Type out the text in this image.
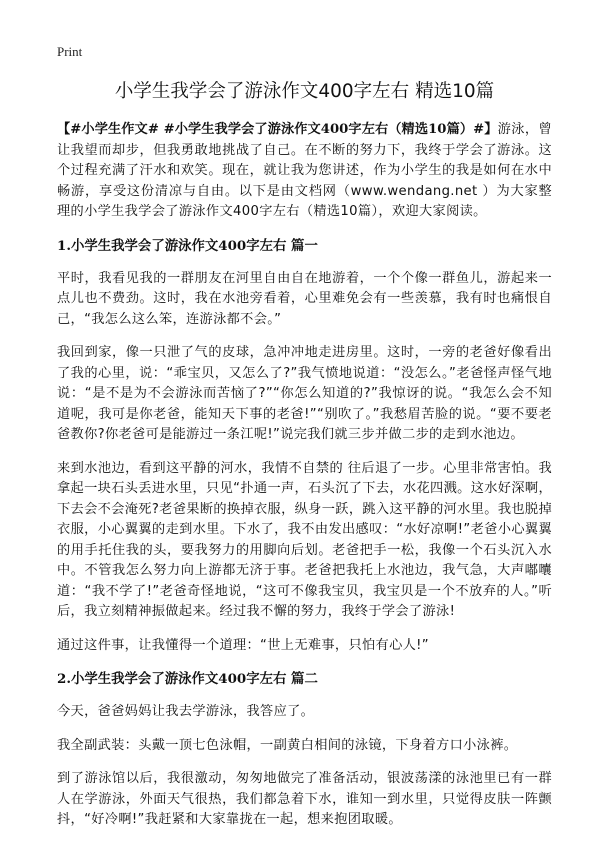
Print
小学生我学会了游泳作文400字左右 精选10篇

【#小学生作文# #小学生我学会了游泳作文400字左右（精选10篇）#】游泳，曾让我望而却步，但我勇敢地挑战了自己。在不断的努力下，我终于学会了游泳。这个过程充满了汗水和欢笑。现在，就让我为您讲述，作为小学生的我是如何在水中畅游，享受这份清凉与自由。以下是由文档网（www.wendang.net ）为大家整理的小学生我学会了游泳作文400字左右（精选10篇），欢迎大家阅读。

1.小学生我学会了游泳作文400字左右 篇一

平时，我看见我的一群朋友在河里自由自在地游着，一个个像一群鱼儿，游起来一点儿也不费劲。这时，我在水池旁看着，心里难免会有一些羡慕，我有时也痛恨自己，“我怎么这么笨，连游泳都不会。”

我回到家，像一只泄了气的皮球，急冲冲地走进房里。这时，一旁的老爸好像看出了我的心里，说：“乖宝贝，又怎么了?”我气愤地说道：“没怎么。”老爸怪声怪气地说：“是不是为不会游泳而苦恼了?”“你怎么知道的?”我惊讶的说。“我怎么会不知道呢，我可是你老爸，能知天下事的老爸!”“别吹了。”我愁眉苦脸的说。“要不要老爸教你?你老爸可是能游过一条江呢!”说完我们就三步并做二步的走到水池边。

来到水池边，看到这平静的河水，我情不自禁的 往后退了一步。心里非常害怕。我拿起一块石头丢进水里，只见“扑通一声，石头沉了下去，水花四溅。这水好深啊，下去会不会淹死?老爸果断的换掉衣服，纵身一跃，跳入这平静的河水里。我也脱掉衣服，小心翼翼的走到水里。下水了，我不由发出感叹：“水好凉啊!”老爸小心翼翼的用手托住我的头，要我努力的用脚向后划。老爸把手一松，我像一个石头沉入水中。不管我怎么努力向上游都无济于事。老爸把我托上水池边，我气急，大声嘟囔道：“我不学了!”老爸奇怪地说，“这可不像我宝贝，我宝贝是一个不放弃的人。”听后，我立刻精神振做起来。经过我不懈的努力，我终于学会了游泳!

通过这件事，让我懂得一个道理：“世上无难事，只怕有心人!”

2.小学生我学会了游泳作文400字左右 篇二

今天，爸爸妈妈让我去学游泳，我答应了。

我全副武装：头戴一顶七色泳帽，一副黄白相间的泳镜，下身着方口小泳裤。

到了游泳馆以后，我很激动，匆匆地做完了准备活动，银波荡漾的泳池里已有一群人在学游泳，外面天气很热，我们都急着下水，谁知一到水里，只觉得皮肤一阵颤抖，“好冷啊!”我赶紧和大家靠拢在一起，想来抱团取暖。
